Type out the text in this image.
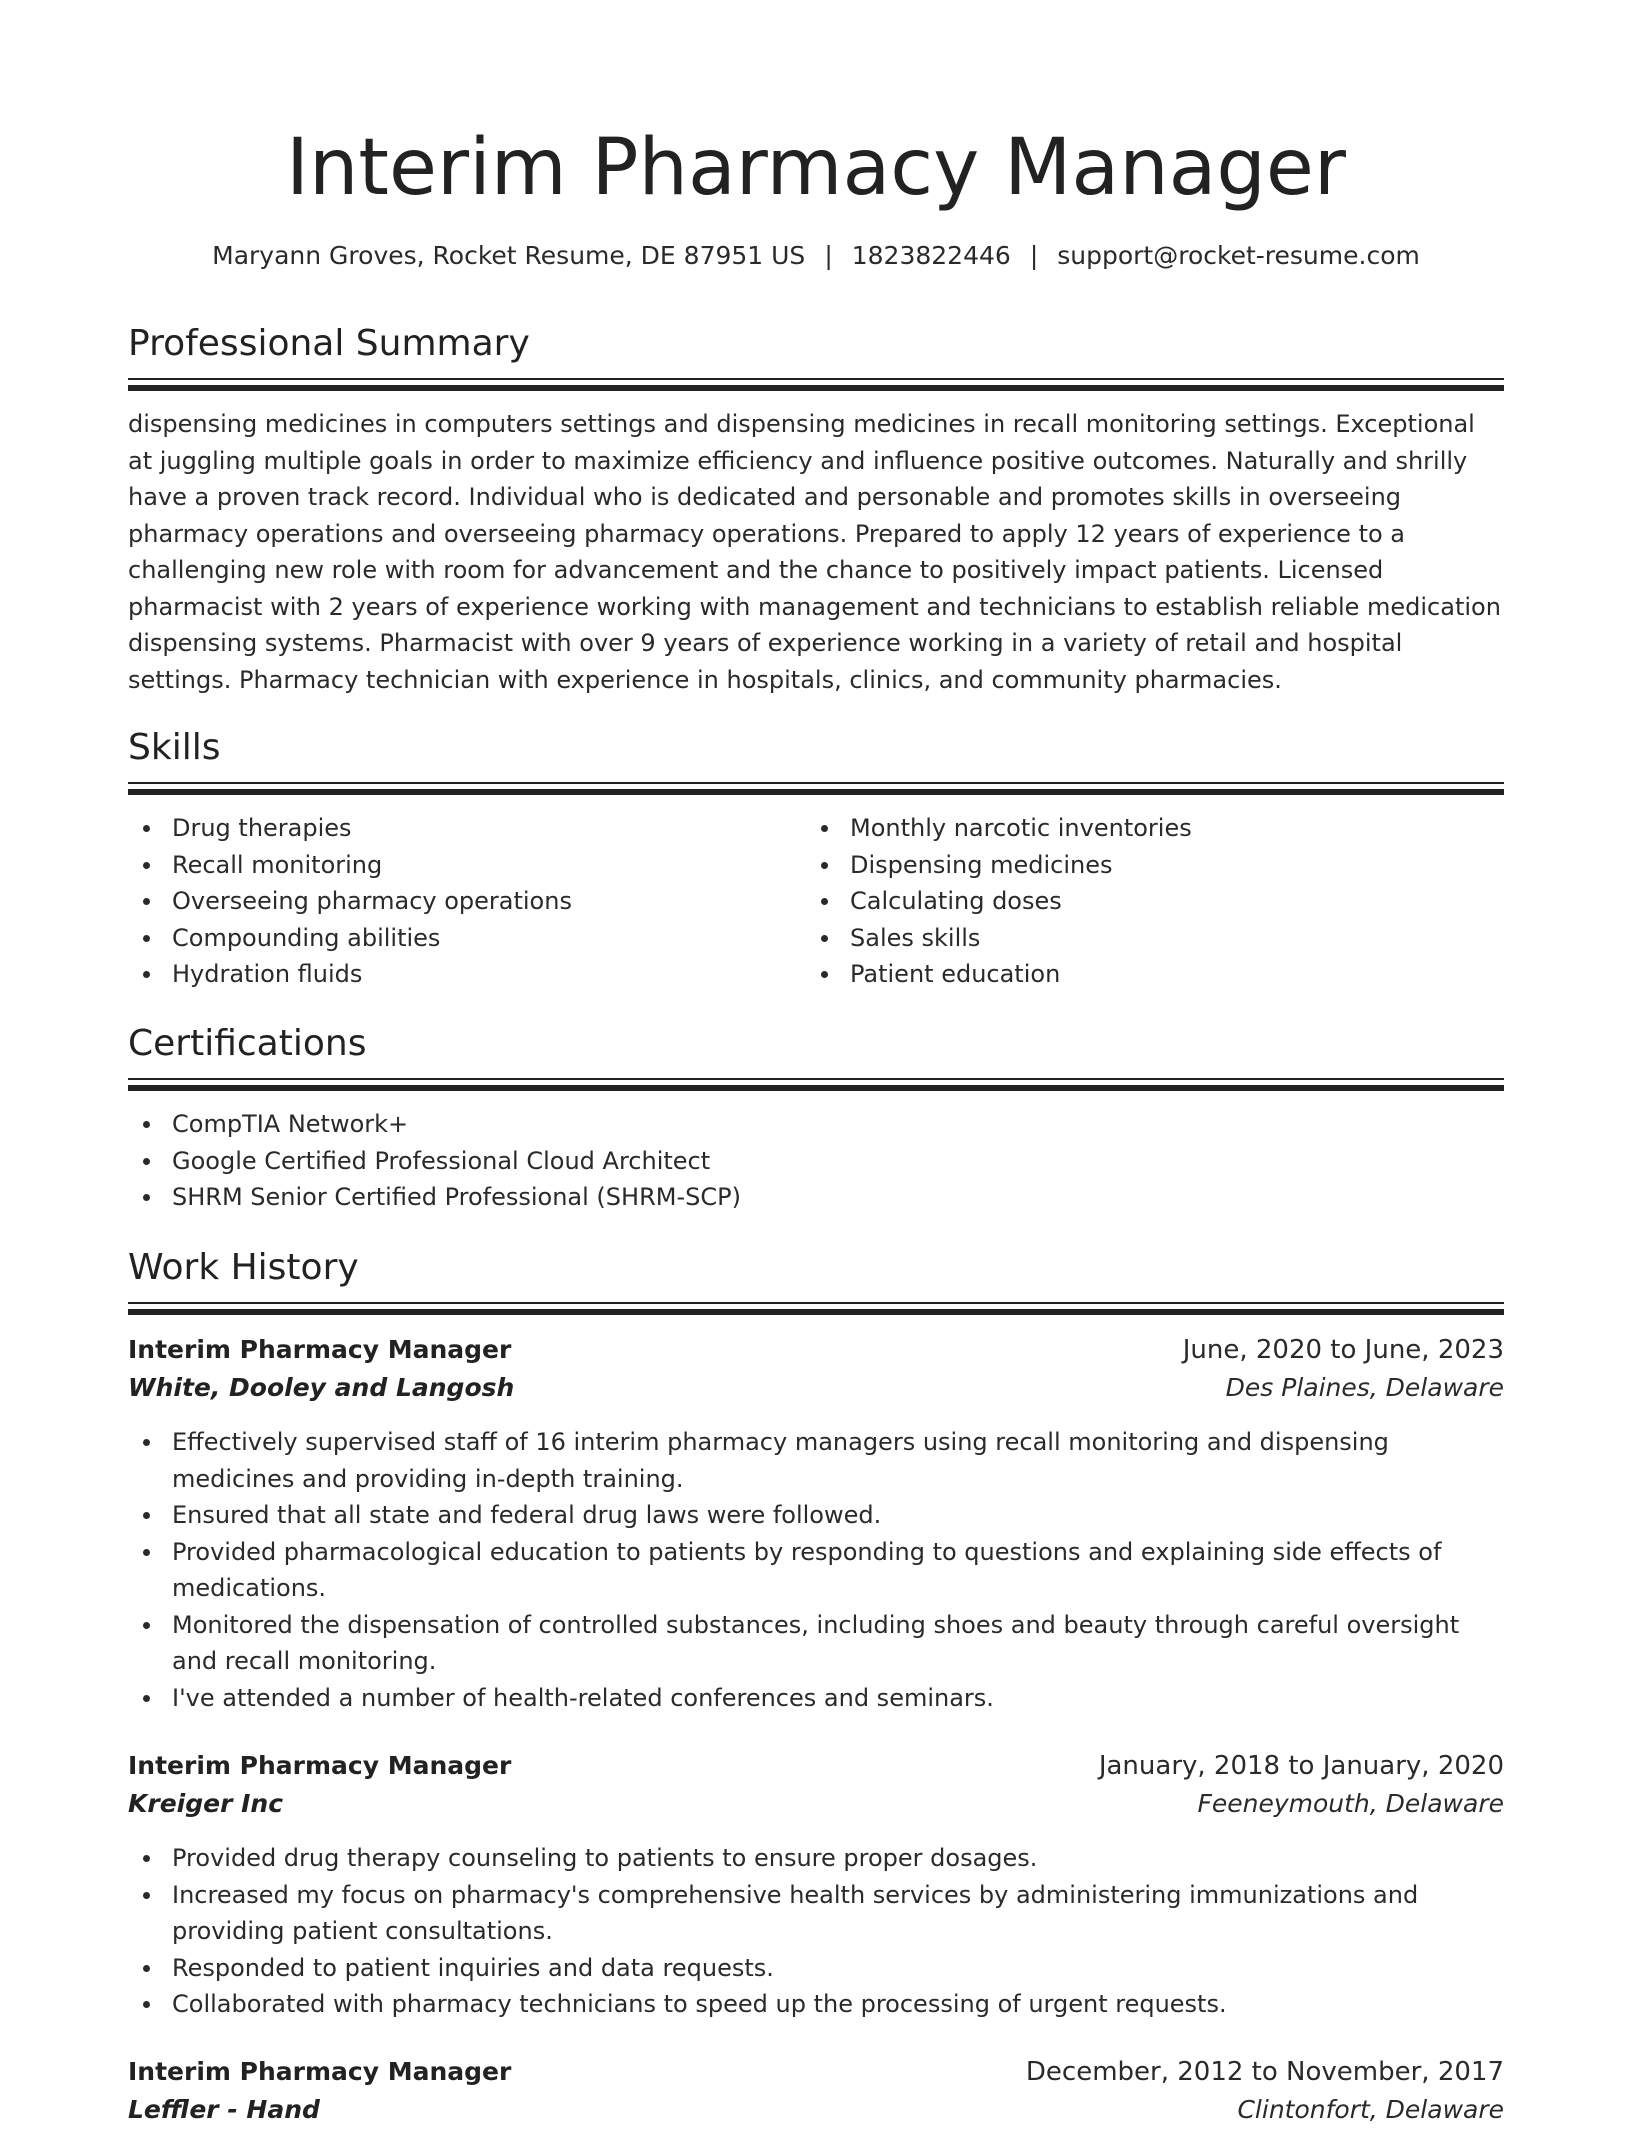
Interim Pharmacy Manager
Maryann Groves, Rocket Resume, DE 87951 US | 1823822446 | support@rocket-resume.com
Professional Summary
dispensing medicines in computers settings and dispensing medicines in recall monitoring settings. Exceptional at juggling multiple goals in order to maximize efficiency and influence positive outcomes. Naturally and shrilly have a proven track record. Individual who is dedicated and personable and promotes skills in overseeing pharmacy operations and overseeing pharmacy operations. Prepared to apply 12 years of experience to a challenging new role with room for advancement and the chance to positively impact patients. Licensed pharmacist with 2 years of experience working with management and technicians to establish reliable medication dispensing systems. Pharmacist with over 9 years of experience working in a variety of retail and hospital settings. Pharmacy technician with experience in hospitals, clinics, and community pharmacies.
Skills
Drug therapies
Recall monitoring
Overseeing pharmacy operations
Compounding abilities
Hydration fluids
Monthly narcotic inventories
Dispensing medicines
Calculating doses
Sales skills
Patient education
Certifications
CompTIA Network+
Google Certified Professional Cloud Architect
SHRM Senior Certified Professional (SHRM-SCP)
Work History
Interim Pharmacy Manager	June, 2020 to June, 2023
White, Dooley and Langosh	Des Plaines, Delaware
Effectively supervised staff of 16 interim pharmacy managers using recall monitoring and dispensing medicines and providing in-depth training.
Ensured that all state and federal drug laws were followed.
Provided pharmacological education to patients by responding to questions and explaining side effects of medications.
Monitored the dispensation of controlled substances, including shoes and beauty through careful oversight and recall monitoring.
I've attended a number of health-related conferences and seminars.
Interim Pharmacy Manager	January, 2018 to January, 2020
Kreiger Inc	Feeneymouth, Delaware
Provided drug therapy counseling to patients to ensure proper dosages.
Increased my focus on pharmacy's comprehensive health services by administering immunizations and providing patient consultations.
Responded to patient inquiries and data requests.
Collaborated with pharmacy technicians to speed up the processing of urgent requests.
Interim Pharmacy Manager	December, 2012 to November, 2017
Leffler - Hand	Clintonfort, Delaware
